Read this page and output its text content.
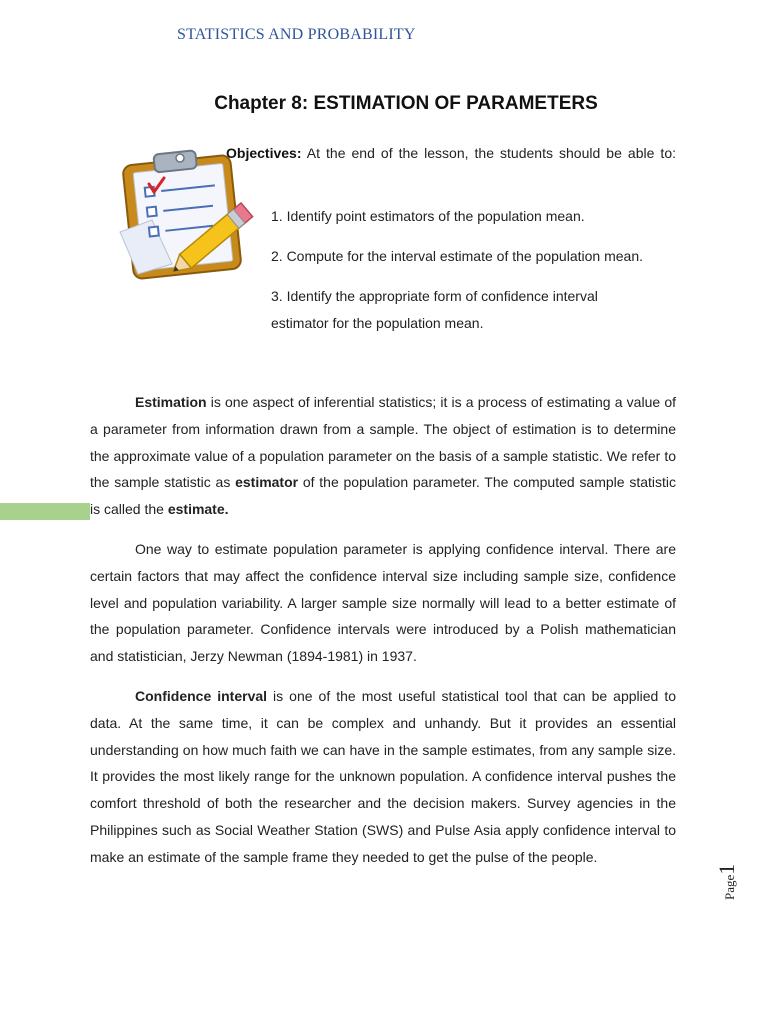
STATISTICS AND PROBABILITY
Chapter 8: ESTIMATION OF PARAMETERS
Objectives: At the end of the lesson, the students should be able to:
1. Identify point estimators of the population mean.
2. Compute for the interval estimate of the population mean.
3. Identify the appropriate form of confidence interval estimator for the population mean.

Estimation is one aspect of inferential statistics; it is a process of estimating a value of a parameter from information drawn from a sample. The object of estimation is to determine the approximate value of a population parameter on the basis of a sample statistic. We refer to the sample statistic as estimator of the population parameter. The computed sample statistic is called the estimate.

One way to estimate population parameter is applying confidence interval. There are certain factors that may affect the confidence interval size including sample size, confidence level and population variability. A larger sample size normally will lead to a better estimate of the population parameter. Confidence intervals were introduced by a Polish mathematician and statistician, Jerzy Newman (1894-1981) in 1937.

Confidence interval is one of the most useful statistical tool that can be applied to data. At the same time, it can be complex and unhandy. But it provides an essential understanding on how much faith we can have in the sample estimates, from any sample size. It provides the most likely range for the unknown population. A confidence interval pushes the comfort threshold of both the researcher and the decision makers. Survey agencies in the Philippines such as Social Weather Station (SWS) and Pulse Asia apply confidence interval to make an estimate of the sample frame they needed to get the pulse of the people.

Page1
